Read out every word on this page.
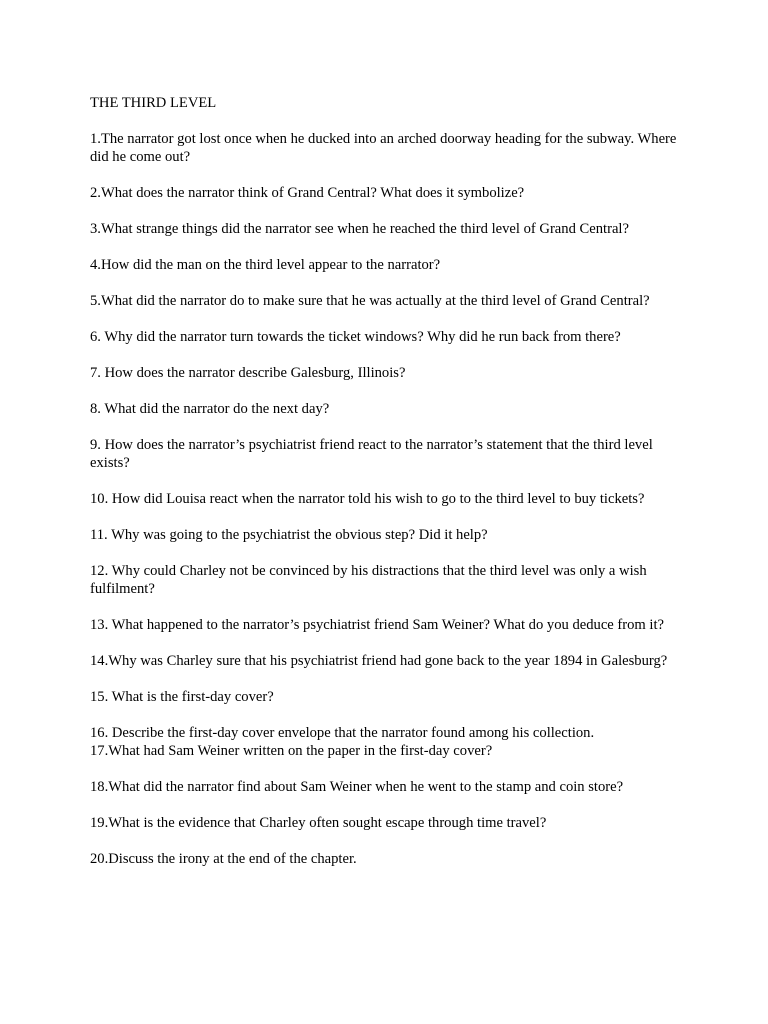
THE THIRD LEVEL

1.The narrator got lost once when he ducked into an arched doorway heading for the subway. Where did he come out?

2.What does the narrator think of Grand Central? What does it symbolize?

3.What strange things did the narrator see when he reached the third level of Grand Central?

4.How did the man on the third level appear to the narrator?

5.What did the narrator do to make sure that he was actually at the third level of Grand Central?

6. Why did the narrator turn towards the ticket windows? Why did he run back from there?

7. How does the narrator describe Galesburg, Illinois?

8. What did the narrator do the next day?

9. How does the narrator’s psychiatrist friend react to the narrator’s statement that the third level exists?

10. How did Louisa react when the narrator told his wish to go to the third level to buy tickets?

11. Why was going to the psychiatrist the obvious step? Did it help?

12. Why could Charley not be convinced by his distractions that the third level was only a wish fulfilment?

13. What happened to the narrator’s psychiatrist friend Sam Weiner? What do you deduce from it?

14.Why was Charley sure that his psychiatrist friend had gone back to the year 1894 in Galesburg?

15. What is the first-day cover?

16. Describe the first-day cover envelope that the narrator found among his collection.

17.What had Sam Weiner written on the paper in the first-day cover?

18.What did the narrator find about Sam Weiner when he went to the stamp and coin store?

19.What is the evidence that Charley often sought escape through time travel?

20.Discuss the irony at the end of the chapter.
